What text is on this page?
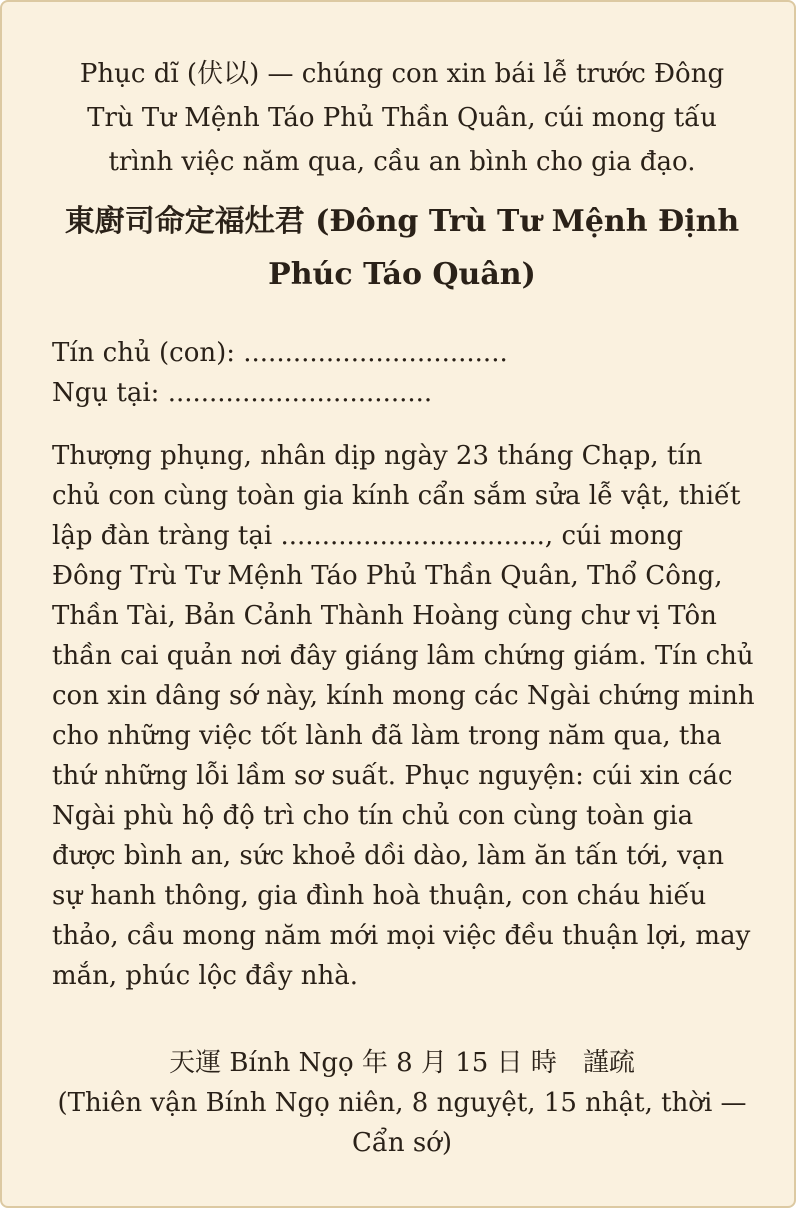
Phục dĩ (伏以) — chúng con xin bái lễ trước Đông Trù Tư Mệnh Táo Phủ Thần Quân, cúi mong tấu trình việc năm qua, cầu an bình cho gia đạo.

東廚司命定福灶君 (Đông Trù Tư Mệnh Định Phúc Táo Quân)

Tín chủ (con): ................................

Ngụ tại: ................................

Thượng phụng, nhân dịp ngày 23 tháng Chạp, tín chủ con cùng toàn gia kính cẩn sắm sửa lễ vật, thiết lập đàn tràng tại ................................, cúi mong Đông Trù Tư Mệnh Táo Phủ Thần Quân, Thổ Công, Thần Tài, Bản Cảnh Thành Hoàng cùng chư vị Tôn thần cai quản nơi đây giáng lâm chứng giám. Tín chủ con xin dâng sớ này, kính mong các Ngài chứng minh cho những việc tốt lành đã làm trong năm qua, tha thứ những lỗi lầm sơ suất. Phục nguyện: cúi xin các Ngài phù hộ độ trì cho tín chủ con cùng toàn gia được bình an, sức khoẻ dồi dào, làm ăn tấn tới, vạn sự hanh thông, gia đình hoà thuận, con cháu hiếu thảo, cầu mong năm mới mọi việc đều thuận lợi, may mắn, phúc lộc đầy nhà.

天運 Bính Ngọ 年 8 月 15 日 時　謹疏
(Thiên vận Bính Ngọ niên, 8 nguyệt, 15 nhật, thời — Cẩn sớ)
